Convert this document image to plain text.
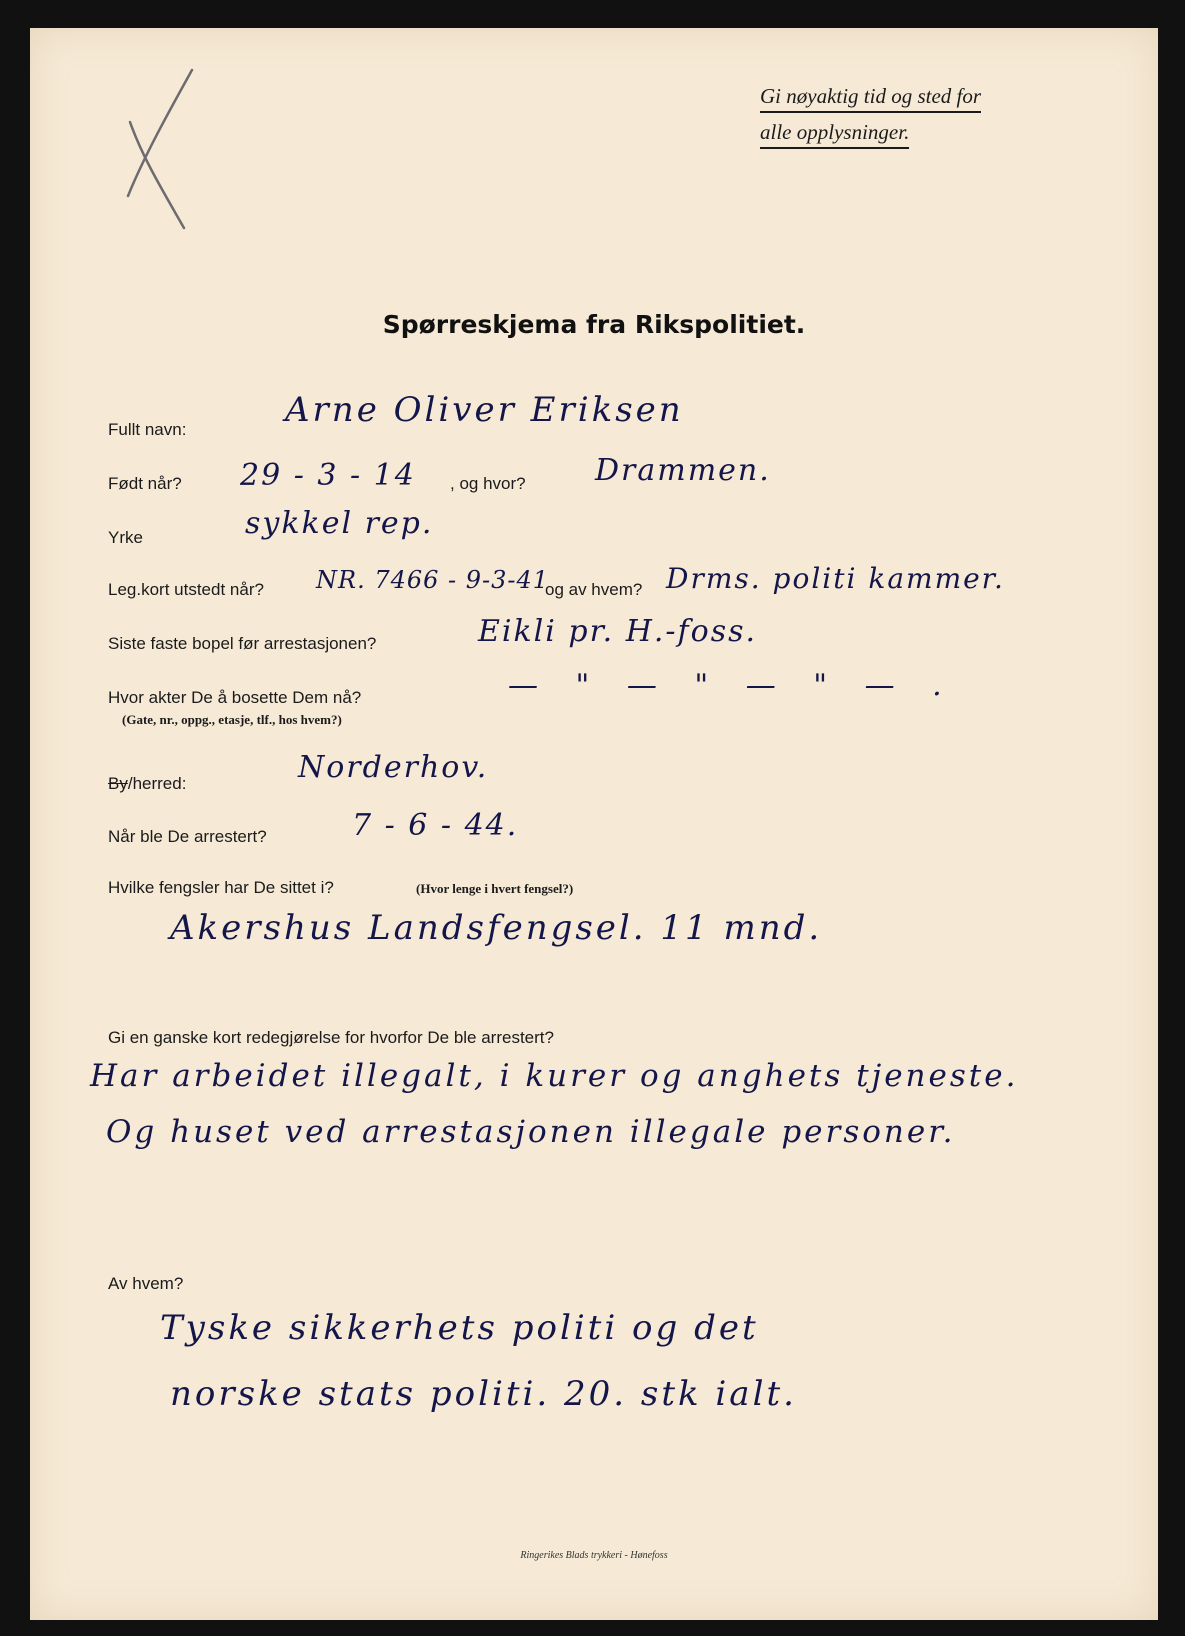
Gi nøyaktig tid og sted for
alle opplysninger.
Spørreskjema fra Rikspolitiet.
Fullt navn:	Arne Oliver Eriksen
Født når? 29 - 3 - 14 , og hvor? Drammen.
Yrke	sykkel rep.
Leg.kort utstedt når? NR. 7466 - 9-3-41
og av hvem? Drms. politi kammer.
Siste faste bopel før arrestasjonen?	Eikli pr. H.-foss.
Hvor akter De å bosette Dem nå?
(Gate, nr., oppg., etasje, tlf., hos hvem?)
— " — " — " — .
By/herred:	Norderhov.
Når ble De arrestert?	7 - 6 - 44.
Hvilke fengsler har De sittet i?	(Hvor lenge i hvert fengsel?)
Akershus Landsfengsel. 11 mnd.
Gi en ganske kort redegjørelse for hvorfor De ble arrestert?
Har arbeidet illegalt, i kurer og anghets tjeneste.
Og huset ved arrestasjonen illegale personer.
Av hvem?
Tyske sikkerhets politi og det
norske stats politi. 20. stk ialt.
Ringerikes Blads trykkeri - Hønefoss
